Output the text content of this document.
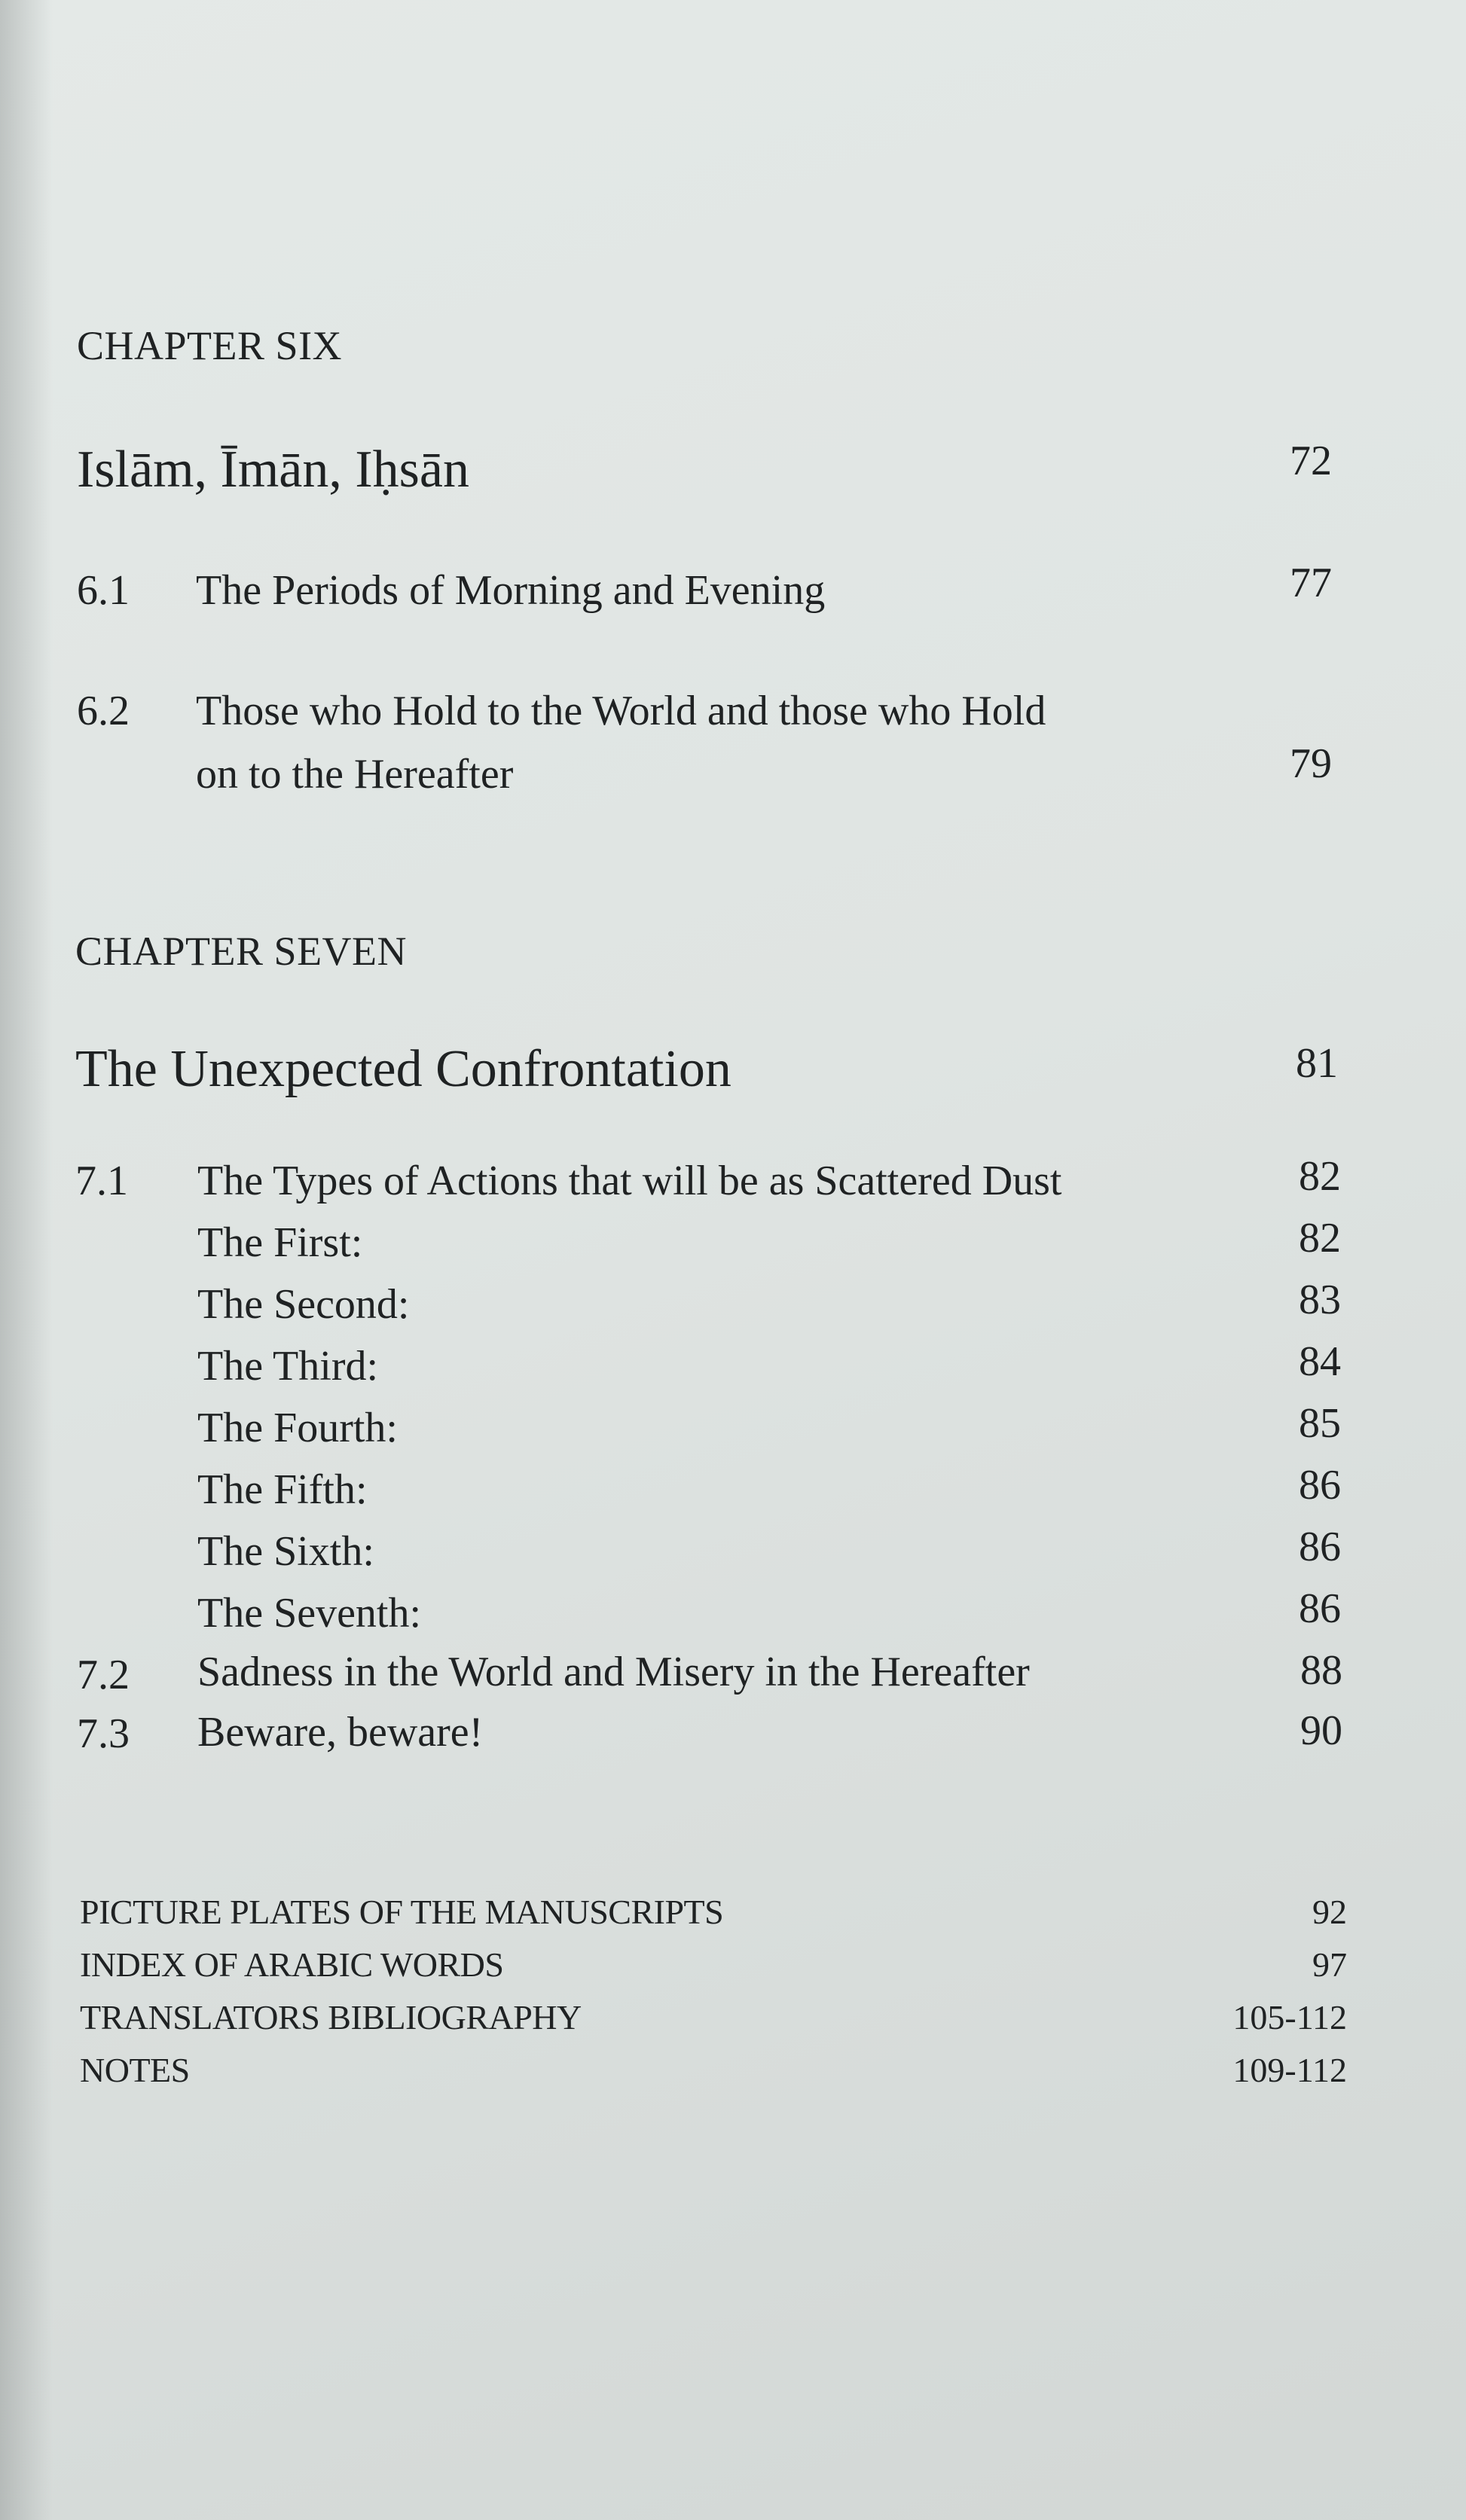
CHAPTER SIX
Islām, Īmān, Iḥsān	72
6.1 The Periods of Morning and Evening	77
6.2 Those who Hold to the World and those who Hold
on to the Hereafter	79
CHAPTER SEVEN
The Unexpected Confrontation	81
7.1 The Types of Actions that will be as Scattered Dust	82
The First:	82
The Second:	83
The Third:	84
The Fourth:	85
The Fifth:	86
The Sixth:	86
The Seventh:	86
7.2 Sadness in the World and Misery in the Hereafter	88
7.3 Beware, beware!	90
PICTURE PLATES OF THE MANUSCRIPTS	92
INDEX OF ARABIC WORDS	97
TRANSLATORS BIBLIOGRAPHY	105-112
NOTES	109-112
